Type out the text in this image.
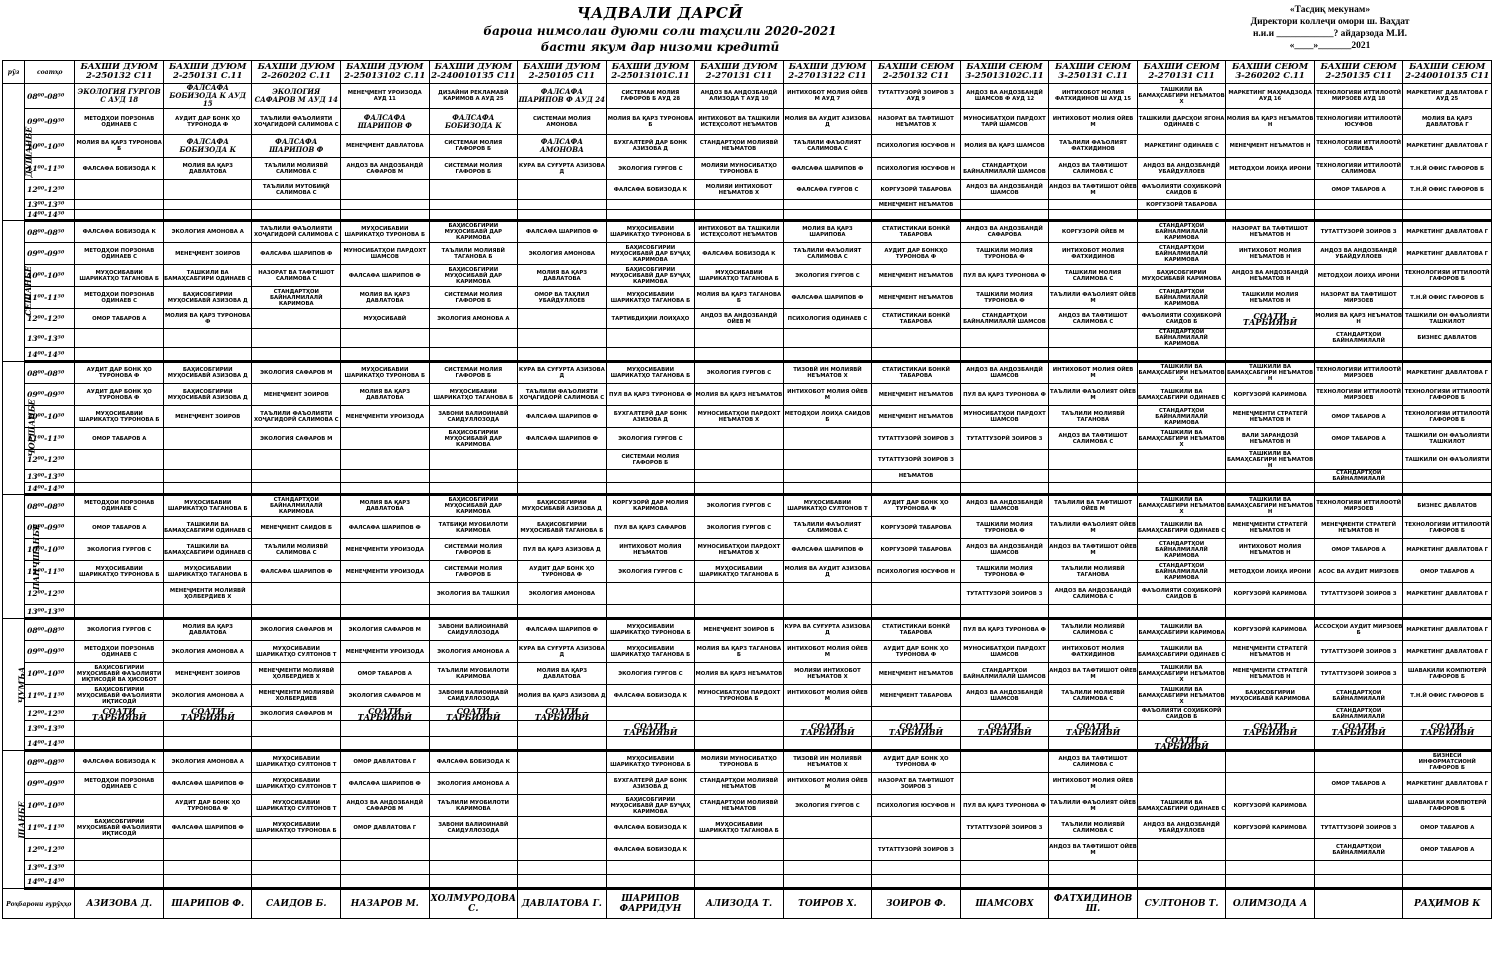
ҶАДВАЛИ ДАРСӢ
бароиа нимсолаи дуюми соли таҳсили 2020-2021
басти якум дар низоми кредитӣ
«Тасдиқ мекунам»
Директори коллеҷи омори ш. Ваҳдат
н.и.и ____________? айдарзода М.И.
«____»_______2021
рӯз	соатҳо	БАХШИ ДУЮМ 2-250132 С11	БАХШИ ДУЮМ 2-250131 С.11	БАХШИ ДУЮМ 2-260202 С.11	БАХШИ ДУЮМ 2-25013102 С.11	БАХШИ ДУЮМ 2-2400101З5 С11	БАХШИ ДУЮМ 2-250105 С11	БАХШИ ДУЮМ 2-25013101С.11	БАХШИ ДУЮМ 2-270131 С11	БАХШИ ДУЮМ 2-27013122 С11	БАХШИ СЕЮМ 2-250132 С11	БАХШИ СЕЮМ 3-25013102С.11	БАХШИ СЕЮМ 3-250131 С.11	БАХШИ СЕЮМ 2-270131 С11	БАХШИ СЕЮМ 3-260202 С.11	БАХШИ СЕЮМ 2-250135 С11	БАХШИ СЕЮМ 2-240010135 С11
ДУШАНБЕ	08⁰⁰-08⁵⁰	ЭКОЛОГИЯ ГУРГОВ С АУД 18	ФАЛСАФА БОБИЗОДА К АУД 15	ЭКОЛОГИЯ САФАРОВ М АУД 14	МЕНЕҶМЕНТ УРОИЗОДА АУД 11	ДИЗАЙНИ РЕКЛАМАВӢ КАРИМОВ А АУД 25	ФАЛСАФА ШАРИПОВ Ф АУД 24	СИСТЕМАИ МОЛИЯ ГАФОРОВ Б АУД 28	АНДОЗ ВА АНДОЗБАНДӢ АЛИЗОДА Т АУД 10	ИНТИХОБОТ МОЛИЯ ОЙЕВ М АУД 7	ТУТАТТУЗОРӢ ЗОИРОВ З АУД 9	АНДОЗ ВА АНДОЗБАНДӢ ШАМСОВ Ф АУД 12	ИНТИХОБОТ МОЛИЯ ФАТХИДИНОВ Ш АУД 15	ТАШКИЛИ ВА БАМАҲСАБГИРИ НЕЪМАТОВ Х	МАРКЕТИНГ МАҲМАДЗОДА АУД 16	ТЕХНОЛОГИЯИ ИТТИЛООТӢ МИРЗОЕВ АУД 18	МАРКЕТИНГ ДАВЛАТОВА Г АУД 25
	09⁰⁰-09⁵⁰	МЕТОДҲОИ ПОРЗОНАВ ОДИНАЕВ С	АУДИТ ДАР БОНК ҲО ТУРОНОДА Ф	ТАЪЛИЛИ ФАЪОЛИЯТИ ХОҶАГИДОРӢ САЛИМОВА С	ФАЛСАФА ШАРИПОВ Ф	ФАЛСАФА БОБИЗОДА К	СИСТЕМАИ МОЛИЯ АМОНОВА	МОЛИЯ ВА ҚАРЗ ТУРОНОВА Б	ИНТИХОБОТ ВА ТАШКИЛИ ИСТЕҲСОЛОТ НЕЪМАТОВ	МОЛИЯ ВА АУДИТ АЗИЗОВА Д	НАЗОРАТ ВА ТАФТИШОТ НЕЪМАТОВ Х	МУНОСИБАТҲОИ ПАРДОХТ ТАРӢ ШАМСОВ	ИНТИХОБОТ МОЛИЯ ОЙЕВ М	ТАШКИЛИ ДАРСҲОИ ЯГОНА ОДИНАЕВ С	МОЛИЯ ВА ҚАРЗ НЕЪМАТОВ Н	ТЕХНОЛОГИЯИ ИТТИЛООТӢ ЮСУФОВ	МОЛИЯ ВА ҚАРЗ ДАВЛАТОВА Г
	10⁰⁰-10⁵⁰	МОЛИЯ ВА ҚАРЗ ТУРОНОВА Б	ФАЛСАФА БОБИЗОДА К	ФАЛСАФА ШАРИПОВ Ф	МЕНЕҶМЕНТ ДАВЛАТОВА	СИСТЕМАИ МОЛИЯ ГАФОРОВ Б	ФАЛСАФА АМОНОВА	БУХГАЛТЕРӢ ДАР БОНК АЗИЗОВА Д	СТАНДАРТҲОИ МОЛИЯВӢ НЕЪМАТОВ	ТАЪЛИЛИ ФАЪОЛИЯТ САЛИМОВА С	ПСИХОЛОГИЯ ЮСУФОВ Н	МОЛИЯ ВА ҚАРЗ ШАМСОВ	ТАЪЛИЛИ ФАЪОЛИЯТ ФАТХИДИНОВ	МАРКЕТИНГ ОДИНАЕВ С	МЕНЕҶМЕНТ НЕЪМАТОВ Н	ТЕХНОЛОГИЯИ ИТТИЛООТӢ СОЛИЕВА	МАРКЕТИНГ ДАВЛАТОВА Г
	11⁰⁰-11⁵⁰	ФАЛСАФА БОБИЗОДА К	МОЛИЯ ВА ҚАРЗ ДАВЛАТОВА	ТАЪЛИЛИ МОЛИЯВӢ САЛИМОВА С	АНДОЗ ВА АНДОЗБАНДӢ САФАРОВ М	СИСТЕМАИ МОЛИЯ ГАФОРОВ Б	КУРА ВА СУҒУРТА АЗИЗОВА Д	ЭКОЛОГИЯ ГУРГОВ С	МОЛИЯИ МУНОСИБАТҲО ТУРОНОВА Б	ФАЛСАФА ШАРИПОВ Ф	ПСИХОЛОГИЯ ЮСУФОВ Н	СТАНДАРТҲОИ БАЙНАЛМИЛАЛӢ ШАМСОВ	АНДОЗ ВА ТАФТИШОТ САЛИМОВА С	АНДОЗ ВА АНДОЗБАНДӢ УБАЙДУЛЛОЕВ	МЕТОДҲОИ ЛОИҲА ИРОНИ	ТЕХНОЛОГИЯИ ИТТИЛООТӢ САЛИМОВА	Т.Н.Й ОФИС ГАФОРОВ Б
	12⁰⁰-12⁵⁰			ТАЪЛИЛИ МУТОБИҚӢ САЛИМОВА С				ФАЛСАФА БОБИЗОДА К	МОЛИЯИ ИНТИХОБОТ НЕЪМАТОВ Х	ФАЛСАФА ГУРГОВ С	КОРГУЗОРӢ ТАБАРОВА	АНДОЗ ВА АНДОЗБАНДӢ ШАМСОВ	АНДОЗ ВА ТАФТИШОТ ОЙЕВ М	ФАЪОЛИЯТИ СОҲИБКОРӢ САИДОВ Б		ОМОР ТАБАРОВ А	Т.Н.Й ОФИС ГАФОРОВ Б
	13⁰⁰-13⁵⁰										МЕНЕҶМЕНТ НЕЪМАТОВ			КОРГУЗОРӢ ТАБАРОВА			
	14⁰⁰-14⁵⁰																
СЕШАНБЕ	08⁰⁰-08⁵⁰	ФАЛСАФА БОБИЗОДА К	ЭКОЛОГИЯ АМОНОВА А	ТАЪЛИЛИ ФАЪОЛИЯТИ ХОҶАГИДОРӢ САЛИМОВА С	МУҲОСИБАВИИ ШАРИКАТҲО ТУРОНОВА Б	БАҲИСОБГИРИИ МУҲОСИБАВӢ ДАР КАРИМОВА	ФАЛСАФА ШАРИПОВ Ф	МУҲОСИБАВИИ ШАРИКАТҲО ТУРОНОВА Б	ИНТИХОБОТ ВА ТАШКИЛИ ИСТЕҲСОЛОТ НЕЪМАТОВ	МОЛИЯ ВА ҚАРЗ ШАРИПОВА	СТАТИСТИКАИ БОНКӢ ТАБАРОВА	АНДОЗ ВА АНДОЗБАНДӢ САФАРОВА	КОРГУЗОРӢ ОЙЕВ М	СТАНДАРТҲОИ БАЙНАЛМИЛАЛӢ КАРИМОВА	НАЗОРАТ ВА ТАФТИШОТ НЕЪМАТОВ Н	ТУТАТТУЗОРӢ ЗОИРОВ З	МАРКЕТИНГ ДАВЛАТОВА Г
	09⁰⁰-09⁵⁰	МЕТОДҲОИ ПОРЗОНАВ ОДИНАЕВ С	МЕНЕҶМЕНТ ЗОИРОВ	ФАЛСАФА ШАРИПОВ Ф	МУНОСИБАТҲОИ ПАРДОХТ ШАМСОВ	ТАЪЛИЛИ МОЛИЯВӢ ТАГАНОВА Б	ЭКОЛОГИЯ АМОНОВА	БАҲИСОБГИРИИ МУҲОСИБАВӢ ДАР БУҶАҲ КАРИМОВА	ФАЛСАФА БОБИЗОДА К	ТАЪЛИЛИ ФАЪОЛИЯТ САЛИМОВА С	АУДИТ ДАР БОНКҲО ТУРОНОВА Ф	ТАШКИЛИ МОЛИЯ ТУРОНОВА Ф	ИНТИХОБОТ МОЛИЯ ФАТХИДИНОВ	СТАНДАРТҲОИ БАЙНАЛМИЛАЛӢ КАРИМОВА	ИНТИХОБОТ МОЛИЯ НЕЪМАТОВ Н	АНДОЗ ВА АНДОЗБАНДӢ УБАЙДУЛЛОЕВ	МАРКЕТИНГ ДАВЛАТОВА Г
	10⁰⁰-10⁵⁰	МУҲОСИБАВИИ ШАРИКАТҲО ТАГАНОВА Б	ТАШКИЛИ ВА БАМАҲСАБГИРИ ОДИНАЕВ С	НАЗОРАТ ВА ТАФТИШОТ САЛИМОВА С	ФАЛСАФА ШАРИПОВ Ф	БАҲИСОБГИРИИ МУҲОСИБАВӢ ДАР КАРИМОВА	МОЛИЯ ВА ҚАРЗ ДАВЛАТОВА	БАҲИСОБГИРИИ МУҲОСИБАВӢ ДАР БУҶАҲ КАРИМОВА	МУҲОСИБАВИИ ШАРИКАТҲО ТАГАНОВА Б	ЭКОЛОГИЯ ГУРГОВ С	МЕНЕҶМЕНТ НЕЪМАТОВ	ПУЛ ВА ҚАРЗ ТУРОНОВА Ф	ТАШКИЛИ МОЛИЯ САЛИМОВА С	БАҲИСОБГИРИИ МУҲОСИБАВӢ КАРИМОВА	АНДОЗ ВА АНДОЗБАНДӢ НЕЪМАТОВ Н	МЕТОДҲОИ ЛОИҲА ИРОНИ	ТЕХНОЛОГИЯИ ИТТИЛООТӢ ГАФОРОВ Б
	11⁰⁰-11⁵⁰	МЕТОДҲОИ ПОРЗОНАВ ОДИНАЕВ С	БАҲИСОБГИРИИ МУҲОСИБАВӢ АЗИЗОВА Д	СТАНДАРТҲОИ БАЙНАЛМИЛАЛӢ КАРИМОВА	МОЛИЯ ВА ҚАРЗ ДАВЛАТОВА	СИСТЕМАИ МОЛИЯ ГАФОРОВ Б	ОМОР ВА ТАҲЛИЛ УБАЙДУЛЛОЕВ	МУҲОСИБАВИИ ШАРИКАТҲО ТАГАНОВА Б	МОЛИЯ ВА ҚАРЗ ТАГАНОВА Б	ФАЛСАФА ШАРИПОВ Ф	МЕНЕҶМЕНТ НЕЪМАТОВ	ТАШКИЛИ МОЛИЯ ТУРОНОВА Ф	ТАЪЛИЛИ ФАЪОЛИЯТ ОЙЕВ М	СТАНДАРТҲОИ БАЙНАЛМИЛАЛӢ КАРИМОВА	ТАШКИЛИ МОЛИЯ НЕЪМАТОВ Н	НАЗОРАТ ВА ТАФТИШОТ МИРЗОЕВ	Т.Н.Й ОФИС ГАФОРОВ Б
	12⁰⁰-12⁵⁰	ОМОР ТАБАРОВ А	МОЛИЯ ВА ҚАРЗ ТУРОНОВА Ф		МУҲОСИБАВӢ	ЭКОЛОГИЯ АМОНОВА А		ТАРТИБДИҲИИ ЛОИҲАҲО	АНДОЗ ВА АНДОЗБАНДӢ ОЙЕВ М	ПСИХОЛОГИЯ ОДИНАЕВ С	СТАТИСТИКАИ БОНКӢ ТАБАРОВА	СТАНДАРТҲОИ БАЙНАЛМИЛАЛӢ ШАМСОВ	АНДОЗ ВА ТАФТИШОТ САЛИМОВА С	ФАЪОЛИЯТИ СОҲИБКОРӢ САИДОВ Б	СОАТИ ТАРБИЯВӢ	МОЛИЯ ВА ҚАРЗ НЕЪМАТОВ Н	ТАШКИЛИ ОН ФАЪОЛИЯТИ ТАШКИЛОТ
	13⁰⁰-13⁵⁰													СТАНДАРТҲОИ БАЙНАЛМИЛАЛӢ КАРИМОВА		СТАНДАРТҲОИ БАЙНАЛМИЛАЛӢ	БИЗНЕС ДАВЛАТОВ
	14⁰⁰-14⁵⁰																
ЧОРШАНБЕ	08⁰⁰-08⁵⁰	АУДИТ ДАР БОНК ҲО ТУРОНОВА Ф	БАҲИСОБГИРИИ МУҲОСИБАВӢ АЗИЗОВА Д	ЭКОЛОГИЯ САФАРОВ М	МУҲОСИБАВИИ ШАРИКАТҲО ТУРОНОВА Б	СИСТЕМАИ МОЛИЯ ГАФОРОВ Б	КУРА ВА СУҒУРТА АЗИЗОВА Д	МУҲОСИБАВИИ ШАРИКАТҲО ТАГАНОВА Б	ЭКОЛОГИЯ ГУРГОВ С	ТИЗОВӢ ИН МОЛИЯВӢ НЕЪМАТОВ Х	СТАТИСТИКАИ БОНКӢ ТАБАРОВА	АНДОЗ ВА АНДОЗБАНДӢ ШАМСОВ	ИНТИХОБОТ МОЛИЯ ОЙЕВ М	ТАШКИЛИ ВА БАМАҲСАБГИРИ НЕЪМАТОВ Х	ТАШКИЛИ ВА БАМАҲСАБГИРИ НЕЪМАТОВ Н	ТЕХНОЛОГИЯИ ИТТИЛООТӢ МИРЗОЕВ	МАРКЕТИНГ ДАВЛАТОВА Г
	09⁰⁰-09⁵⁰	АУДИТ ДАР БОНК ҲО ТУРОНОВА Ф	БАҲИСОБГИРИИ МУҲОСИБАВӢ АЗИЗОВА Д	МЕНЕҶМЕНТ ЗОИРОВ	МОЛИЯ ВА ҚАРЗ ДАВЛАТОВА	МУҲОСИБАВИИ ШАРИКАТҲО ТАГАНОВА Б	ТАЪЛИЛИ ФАЪОЛИЯТИ ХОҶАГИДОРӢ САЛИМОВА С	ПУЛ ВА ҚАРЗ ТУРОНОВА Ф	МОЛИЯ ВА ҚАРЗ НЕЪМАТОВ	ИНТИХОБОТ МОЛИЯ ОЙЕВ М	МЕНЕҶМЕНТ НЕЪМАТОВ	ПУЛ ВА ҚАРЗ ТУРОНОВА Ф	ТАЪЛИЛИ ФАЪОЛИЯТ ОЙЕВ М	ТАШКИЛИ ВА БАМАҲСАБГИРИ ОДИНАЕВ С	КОРГУЗОРӢ КАРИМОВА	ТЕХНОЛОГИЯИ ИТТИЛООТӢ МИРЗОЕВ	ТЕХНОЛОГИЯИ ИТТИЛООТӢ ГАФОРОВ Б
	10⁰⁰-10⁵⁰	МУҲОСИБАВИИ ШАРИКАТҲО ТУРОНОВА Б	МЕНЕҶМЕНТ ЗОИРОВ	ТАЪЛИЛИ ФАЪОЛИЯТИ ХОҶАГИДОРӢ САЛИМОВА С	МЕНЕҶМЕНТИ УРОИЗОДА	ЗАВОНИ ВАЛИОИНАВӢ САИДУЛЛОЗОДА	ФАЛСАФА ШАРИПОВ Ф	БУХГАЛТЕРӢ ДАР БОНК АЗИЗОВА Д	МУНОСИБАТҲОИ ПАРДОХТ НЕЪМАТОВ Х	МЕТОДҲОИ ЛОИҲА САИДОВ Б	МЕНЕҶМЕНТ НЕЪМАТОВ	МУНОСИБАТҲОИ ПАРДОХТ ШАМСОВ	ТАЪЛИЛИ МОЛИЯВӢ ТАГАНОВА	СТАНДАРТҲОИ БАЙНАЛМИЛАЛӢ КАРИМОВА	МЕНЕҶМЕНТИ СТРАТЕГӢ НЕЪМАТОВ Н	ОМОР ТАБАРОВ А	ТЕХНОЛОГИЯИ ИТТИЛООТӢ ГАФОРОВ Б
	11⁰⁰-11⁵⁰	ОМОР ТАБАРОВ А		ЭКОЛОГИЯ САФАРОВ М		БАҲИСОБГИРИИ МУҲОСИБАВӢ ДАР КАРИМОВА	ФАЛСАФА ШАРИПОВ Ф	ЭКОЛОГИЯ ГУРГОВ С			ТУТАТТУЗОРӢ ЗОИРОВ З	ТУТАТТУЗОРӢ ЗОИРОВ З	АНДОЗ ВА ТАФТИШОТ САЛИМОВА С	ТАШКИЛИ ВА БАМАҲСАБГИРИ НЕЪМАТОВ Х	ВАЛИ ЗАРАНДОЗӢ НЕЪМАТОВ Н	ОМОР ТАБАРОВ А	ТАШКИЛИ ОН ФАЪОЛИЯТИ ТАШКИЛОТ
	12⁰⁰-12⁵⁰							СИСТЕМАИ МОЛИЯ ГАФОРОВ Б			ТУТАТТУЗОРӢ ЗОИРОВ З				ТАШКИЛИ ВА БАМАҲСАБГИРИ НЕЪМАТОВ Н		ТАШКИЛИ ОН ФАЪОЛИЯТИ
	13⁰⁰-13⁵⁰										НЕЪМАТОВ					СТАНДАРТҲОИ БАЙНАЛМИЛАЛӢ	
	14⁰⁰-14⁵⁰																
ПАНҶШАНБЕ	08⁰⁰-08⁵⁰	МЕТОДҲОИ ПОРЗОНАВ ОДИНАЕВ С	МУҲОСИБАВИИ ШАРИКАТҲО ТАГАНОВА Б	СТАНДАРТҲОИ БАЙНАЛМИЛАЛӢ КАРИМОВА	МОЛИЯ ВА ҚАРЗ ДАВЛАТОВА	БАҲИСОБГИРИИ МУҲОСИБАВӢ ДАР КАРИМОВА	БАҲИСОБГИРИИ МУҲОСИБАВӢ АЗИЗОВА Д	КОРГУЗОРӢ ДАР МОЛИЯ КАРИМОВА	ЭКОЛОГИЯ ГУРГОВ С	МУҲОСИБАВИИ ШАРИКАТҲО СУЛТОНОВ Т	АУДИТ ДАР БОНК ҲО ТУРОНОВА Ф	АНДОЗ ВА АНДОЗБАНДӢ ШАМСОВ	ТАЪЛИЛИ ВА ТАФТИШОТ ОЙЕВ М	ТАШКИЛИ ВА БАМАҲСАБГИРИ НЕЪМАТОВ Х	ТАШКИЛИ ВА БАМАҲСАБГИРИ НЕЪМАТОВ Н	ТЕХНОЛОГИЯИ ИТТИЛООТӢ МИРЗОЕВ	БИЗНЕС ДАВЛАТОВ
	09⁰⁰-09⁵⁰	ОМОР ТАБАРОВ А	ТАШКИЛИ ВА БАМАҲСАБГИРИ ОДИНАЕВ С	МЕНЕҶМЕНТ САИДОВ Б	ФАЛСАФА ШАРИПОВ Ф	ТАТБИҚИ МУОБИЛОТИ КАРИМОВА	БАҲИСОБГИРИИ МУҲОСИБАВӢ ТАГАНОВА Б	ПУЛ ВА ҚАРЗ САФАРОВ	ЭКОЛОГИЯ ГУРГОВ С	ТАЪЛИЛИ ФАЪОЛИЯТ САЛИМОВА С	КОРГУЗОРӢ ТАБАРОВА	ТАШКИЛИ МОЛИЯ ТУРОНОВА Ф	ТАЪЛИЛИ ФАЪОЛИЯТ ОЙЕВ М	ТАШКИЛИ ВА БАМАҲСАБГИРИ ОДИНАЕВ С	МЕНЕҶМЕНТИ СТРАТЕГӢ НЕЪМАТОВ Н	МЕНЕҶМЕНТИ СТРАТЕГӢ НЕЪМАТОВ Н	ТЕХНОЛОГИЯИ ИТТИЛООТӢ ГАФОРОВ Б
	10⁰⁰-10⁵⁰	ЭКОЛОГИЯ ГУРГОВ С	ТАШКИЛИ ВА БАМАҲСАБГИРИ ОДИНАЕВ С	ТАЪЛИЛИ МОЛИЯВӢ САЛИМОВА С	МЕНЕҶМЕНТИ УРОИЗОДА	СИСТЕМАИ МОЛИЯ ГАФОРОВ Б	ПУЛ ВА ҚАРЗ АЗИЗОВА Д	ИНТИХОБОТ МОЛИЯ НЕЪМАТОВ	МУНОСИБАТҲОИ ПАРДОХТ НЕЪМАТОВ Х	ФАЛСАФА ШАРИПОВ Ф	КОРГУЗОРӢ ТАБАРОВА	АНДОЗ ВА АНДОЗБАНДӢ ШАМСОВ	АНДОЗ ВА ТАФТИШОТ ОЙЕВ М	СТАНДАРТҲОИ БАЙНАЛМИЛАЛӢ КАРИМОВА	ИНТИХОБОТ МОЛИЯ НЕЪМАТОВ Н	ОМОР ТАБАРОВ А	МАРКЕТИНГ ДАВЛАТОВА Г
	11⁰⁰-11⁵⁰	МУҲОСИБАВИИ ШАРИКАТҲО ТУРОНОВА Б	МУҲОСИБАВИИ ШАРИКАТҲО ТАГАНОВА Б	ФАЛСАФА ШАРИПОВ Ф	МЕНЕҶМЕНТИ УРОИЗОДА	СИСТЕМАИ МОЛИЯ ГАФОРОВ Б	АУДИТ ДАР БОНК ҲО ТУРОНОВА Ф	ЭКОЛОГИЯ ГУРГОВ С	МУҲОСИБАВИИ ШАРИКАТҲО ТАГАНОВА Б	МОЛИЯ ВА АУДИТ АЗИЗОВА Д	ПСИХОЛОГИЯ ЮСУФОВ Н	ТАШКИЛИ МОЛИЯ ТУРОНОВА Ф	ТАЪЛИЛИ МОЛИЯВӢ ТАГАНОВА	СТАНДАРТҲОИ БАЙНАЛМИЛАЛӢ КАРИМОВА	МЕТОДҲОИ ЛОИҲА ИРОНИ	АСОС ВА АУДИТ МИРЗОЕВ	ОМОР ТАБАРОВ А
	12⁰⁰-12⁵⁰		МЕНЕҶМЕНТИ МОЛИЯВӢ ҲОЛБЕРДИЕВ Х			ЭКОЛОГИЯ ВА ТАШКИЛ	ЭКОЛОГИЯ АМОНОВА					ТУТАТТУЗОРӢ ЗОИРОВ З	АНДОЗ ВА АНДОЗБАНДӢ САЛИМОВА С	ФАЪОЛИЯТИ СОҲИБКОРӢ САИДОВ Б	КОРГУЗОРӢ КАРИМОВА	ТУТАТТУЗОРӢ ЗОИРОВ З	МАРКЕТИНГ ДАВЛАТОВА Г
	13⁰⁰-13⁵⁰																
ҶУМЪА	08⁰⁰-08⁵⁰	ЭКОЛОГИЯ ГУРГОВ С	МОЛИЯ ВА ҚАРЗ ДАВЛАТОВА	ЭКОЛОГИЯ САФАРОВ М	ЭКОЛОГИЯ САФАРОВ М	ЗАВОНИ ВАЛИОИНАВӢ САИДУЛЛОЗОДА	ФАЛСАФА ШАРИПОВ Ф	МУҲОСИБАВИИ ШАРИКАТҲО ТУРОНОВА Б	МЕНЕҶМЕНТ ЗОИРОВ Б	КУРА ВА СУҒУРТА АЗИЗОВА Д	СТАТИСТИКАИ БОНКӢ ТАБАРОВА	ПУЛ ВА ҚАРЗ ТУРОНОВА Ф	ТАЪЛИЛИ МОЛИЯВӢ САЛИМОВА С	ТАШКИЛИ ВА БАМАҲСАБГИРИ КАРИМОВА	КОРГУЗОРӢ КАРИМОВА	АССОСҲОИ АУДИТ МИРЗОЕВ Б	МАРКЕТИНГ ДАВЛАТОВА Г
	09⁰⁰-09⁵⁰	МЕТОДҲОИ ПОРЗОНАВ ОДИНАЕВ С	ЭКОЛОГИЯ АМОНОВА А	МУҲОСИБАВИИ ШАРИКАТҲО СУЛТОНОВ Т	МЕНЕҶМЕНТИ УРОИЗОДА	ЭКОЛОГИЯ АМОНОВА А	КУРА ВА СУҒУРТА АЗИЗОВА Д	МУҲОСИБАВИИ ШАРИКАТҲО ТАГАНОВА Б	МОЛИЯ ВА ҚАРЗ ТАГАНОВА Б	ИНТИХОБОТ МОЛИЯ ОЙЕВ М	АУДИТ ДАР БОНК ҲО ТУРОНОВА Ф	МУНОСИБАТҲОИ ПАРДОХТ ШАМСОВ	ИНТИХОБОТ МОЛИЯ ФАТХИДИНОВ	ТАШКИЛИ ВА БАМАҲСАБГИРИ ОДИНАЕВ С	МЕНЕҶМЕНТИ СТРАТЕГӢ НЕЪМАТОВ Н	ТУТАТТУЗОРӢ ЗОИРОВ З	МАРКЕТИНГ ДАВЛАТОВА Г
	10⁰⁰-10⁵⁰	БАҲИСОБГИРИИ МУҲОСИБАВӢ ФАЪОЛИЯТИ ИҚТИСОДӢ ВА ҲИСОБОТ	МЕНЕҶМЕНТ ЗОИРОВ	МЕНЕҶМЕНТИ МОЛИЯВӢ ҲОЛБЕРДИЕВ Х	ОМОР ТАБАРОВ А	ТАЪЛИЛИ МУОБИЛОТИ КАРИМОВА	МОЛИЯ ВА ҚАРЗ ДАВЛАТОВА	ЭКОЛОГИЯ ГУРГОВ С	МОЛИЯ ВА ҚАРЗ НЕЪМАТОВ	МОЛИЯИ ИНТИХОБОТ НЕЪМАТОВ Х	МЕНЕҶМЕНТ НЕЪМАТОВ	СТАНДАРТҲОИ БАЙНАЛМИЛАЛӢ ШАМСОВ	АНДОЗ ВА ТАФТИШОТ ОЙЕВ М	ТАШКИЛИ ВА БАМАҲСАБГИРИ НЕЪМАТОВ Х	МЕНЕҶМЕНТИ СТРАТЕГӢ НЕЪМАТОВ Н	ТУТАТТУЗОРӢ ЗОИРОВ З	ШАВАКИЛИ КОМПЮТЕРӢ ГАФОРОВ Б
	11⁰⁰-11⁵⁰	БАҲИСОБГИРИИ МУҲОСИБАВӢ ФАЪОЛИЯТИ ИҚТИСОДӢ	ЭКОЛОГИЯ АМОНОВА А	МЕНЕҶМЕНТИ МОЛИЯВӢ ХОЛБЕРДИЕВ	ЭКОЛОГИЯ САФАРОВ М	ЗАВОНИ ВАЛИОИНАВӢ САИДУЛЛОЗОДА	МОЛИЯ ВА ҚАРЗ АЗИЗОВА Д	ФАЛСАФА БОБИЗОДА К	МУНОСИБАТҲОИ ПАРДОХТ ТУРОНОВА Б	ИНТИХОБОТ МОЛИЯ ОЙЕВ М	МЕНЕҶМЕНТ ТАБАРОВА	АНДОЗ ВА АНДОЗБАНДӢ ШАМСОВ	ТАЪЛИЛИ МОЛИЯВӢ САЛИМОВА С	ТАШКИЛИ ВА БАМАҲСАБГИРИ НЕЪМАТОВ Х	БАҲИСОБГИРИИ МУҲОСИБАВӢ КАРИМОВА	СТАНДАРТҲОИ БАЙНАЛМИЛАЛӢ	Т.Н.Й ОФИС ГАФОРОВ Б
	12⁰⁰-12⁵⁰	СОАТИ ТАРБИЯВӢ	СОАТИ ТАРБИЯВӢ	ЭКОЛОГИЯ САФАРОВ М	СОАТИ ТАРБИЯВӢ	СОАТИ ТАРБИЯВӢ	СОАТИ ТАРБИЯВӢ							ФАЪОЛИЯТИ СОҲИБКОРӢ САИДОВ Б		СТАНДАРТҲОИ БАЙНАЛМИЛАЛӢ	
	13⁰⁰-13⁵⁰							СОАТИ ТАРБИЯВӢ		СОАТИ ТАРБИЯВӢ	СОАТИ ТАРБИЯВӢ	СОАТИ ТАРБИЯВӢ	СОАТИ ТАРБИЯВӢ		СОАТИ ТАРБИЯВӢ	СОАТИ ТАРБИЯВӢ	СОАТИ ТАРБИЯВӢ
	14⁰⁰-14⁵⁰													СОАТИ ТАРБИЯВӢ			
ШАНБЕ	08⁰⁰-08⁵⁰	ФАЛСАФА БОБИЗОДА К	ЭКОЛОГИЯ АМОНОВА А	МУҲОСИБАВИИ ШАРИКАТҲО СУЛТОНОВ Т	ОМОР ДАВЛАТОВА Г	ФАЛСАФА БОБИЗОДА К		МУҲОСИБАВИИ ШАРИКАТҲО ТУРОНОВА Б	МОЛИЯИ МУНОСИБАТҲО ТУРОНОВА Б	ТИЗОВӢ ИН МОЛИЯВӢ НЕЪМАТОВ Х	АУДИТ ДАР БОНК ҲО ТУРОНОВА Ф		АНДОЗ ВА ТАФТИШОТ САЛИМОВА С				БИЗНЕСИ ИНФОРМАТСИОНӢ ГАФОРОВ Б
	09⁰⁰-09⁵⁰	МЕТОДҲОИ ПОРЗОНАВ ОДИНАЕВ С	ФАЛСАФА ШАРИПОВ Ф	МУҲОСИБАВИИ ШАРИКАТҲО СУЛТОНОВ Т	ФАЛСАФА ШАРИПОВ Ф	ЭКОЛОГИЯ АМОНОВА А		БУХГАЛТЕРӢ ДАР БОНК АЗИЗОВА Д	СТАНДАРТҲОИ МОЛИЯВӢ НЕЪМАТОВ	ИНТИХОБОТ МОЛИЯ ОЙЕВ М	НАЗОРАТ ВА ТАФТИШОТ ЗОИРОВ З		ИНТИХОБОТ МОЛИЯ ОЙЕВ М			ОМОР ТАБАРОВ А	МАРКЕТИНГ ДАВЛАТОВА Г
	10⁰⁰-10⁵⁰		АУДИТ ДАР БОНК ҲО ТУРОНОВА Ф	МУҲОСИБАВИИ ШАРИКАТҲО СУЛТОНОВ Т	АНДОЗ ВА АНДОЗБАНДӢ САФАРОВ М	ТАЪЛИЛИ МУОБИЛОТИ КАРИМОВА		БАҲИСОБГИРИИ МУҲОСИБАВӢ ДАР БУҶАҲ КАРИМОВА	СТАНДАРТҲОИ МОЛИЯВӢ НЕЪМАТОВ	ЭКОЛОГИЯ ГУРГОВ С	ПСИХОЛОГИЯ ЮСУФОВ Н	ПУЛ ВА ҚАРЗ ТУРОНОВА Ф	ТАЪЛИЛИ ФАЪОЛИЯТ ОЙЕВ М	ТАШКИЛИ ВА БАМАҲСАБГИРИ ОДИНАЕВ С	КОРГУЗОРӢ КАРИМОВА		ШАВАКИЛИ КОМПЮТЕРӢ ГАФОРОВ Б
	11⁰⁰-11⁵⁰	БАҲИСОБГИРИИ МУҲОСИБАВӢ ФАЪОЛИЯТИ ИҚТИСОДӢ	ФАЛСАФА ШАРИПОВ Ф	МУҲОСИБАВИИ ШАРИКАТҲО ТУРОНОВА Б	ОМОР ДАВЛАТОВА Г	ЗАВОНИ ВАЛИОИНАВӢ САИДУЛЛОЗОДА		ФАЛСАФА БОБИЗОДА К	МУҲОСИБАВИИ ШАРИКАТҲО ТАГАНОВА Б			ТУТАТТУЗОРӢ ЗОИРОВ З	ТАЪЛИЛИ МОЛИЯВӢ САЛИМОВА С	АНДОЗ ВА АНДОЗБАНДӢ УБАЙДУЛЛОЕВ	КОРГУЗОРӢ КАРИМОВА	ТУТАТТУЗОРӢ ЗОИРОВ З	ОМОР ТАБАРОВ А
	12⁰⁰-12⁵⁰							ФАЛСАФА БОБИЗОДА К			ТУТАТТУЗОРӢ ЗОИРОВ З		АНДОЗ ВА ТАФТИШОТ ОЙЕВ М			СТАНДАРТҲОИ БАЙНАЛМИЛАЛӢ	ОМОР ТАБАРОВ А
	13⁰⁰-13⁵⁰																
	14⁰⁰-14⁵⁰																
Роҳбарони гурӯҳҳо		АЗИЗОВА Д.	ШАРИПОВ Ф.	САИДОВ Б.	НАЗАРОВ М.	ХОЛМУРОДОВА С.	ДАВЛАТОВА Г.	ШАРИПОВ ФАРРИДУН	АЛИЗОДА Т.	ТОИРОВ Х.	ЗОИРОВ Ф.	ШАМСОВХ	ФАТХИДИНОВ Ш.	СУЛТОНОВ Т.	ОЛИМЗОДА А		РАҲИМОВ К
